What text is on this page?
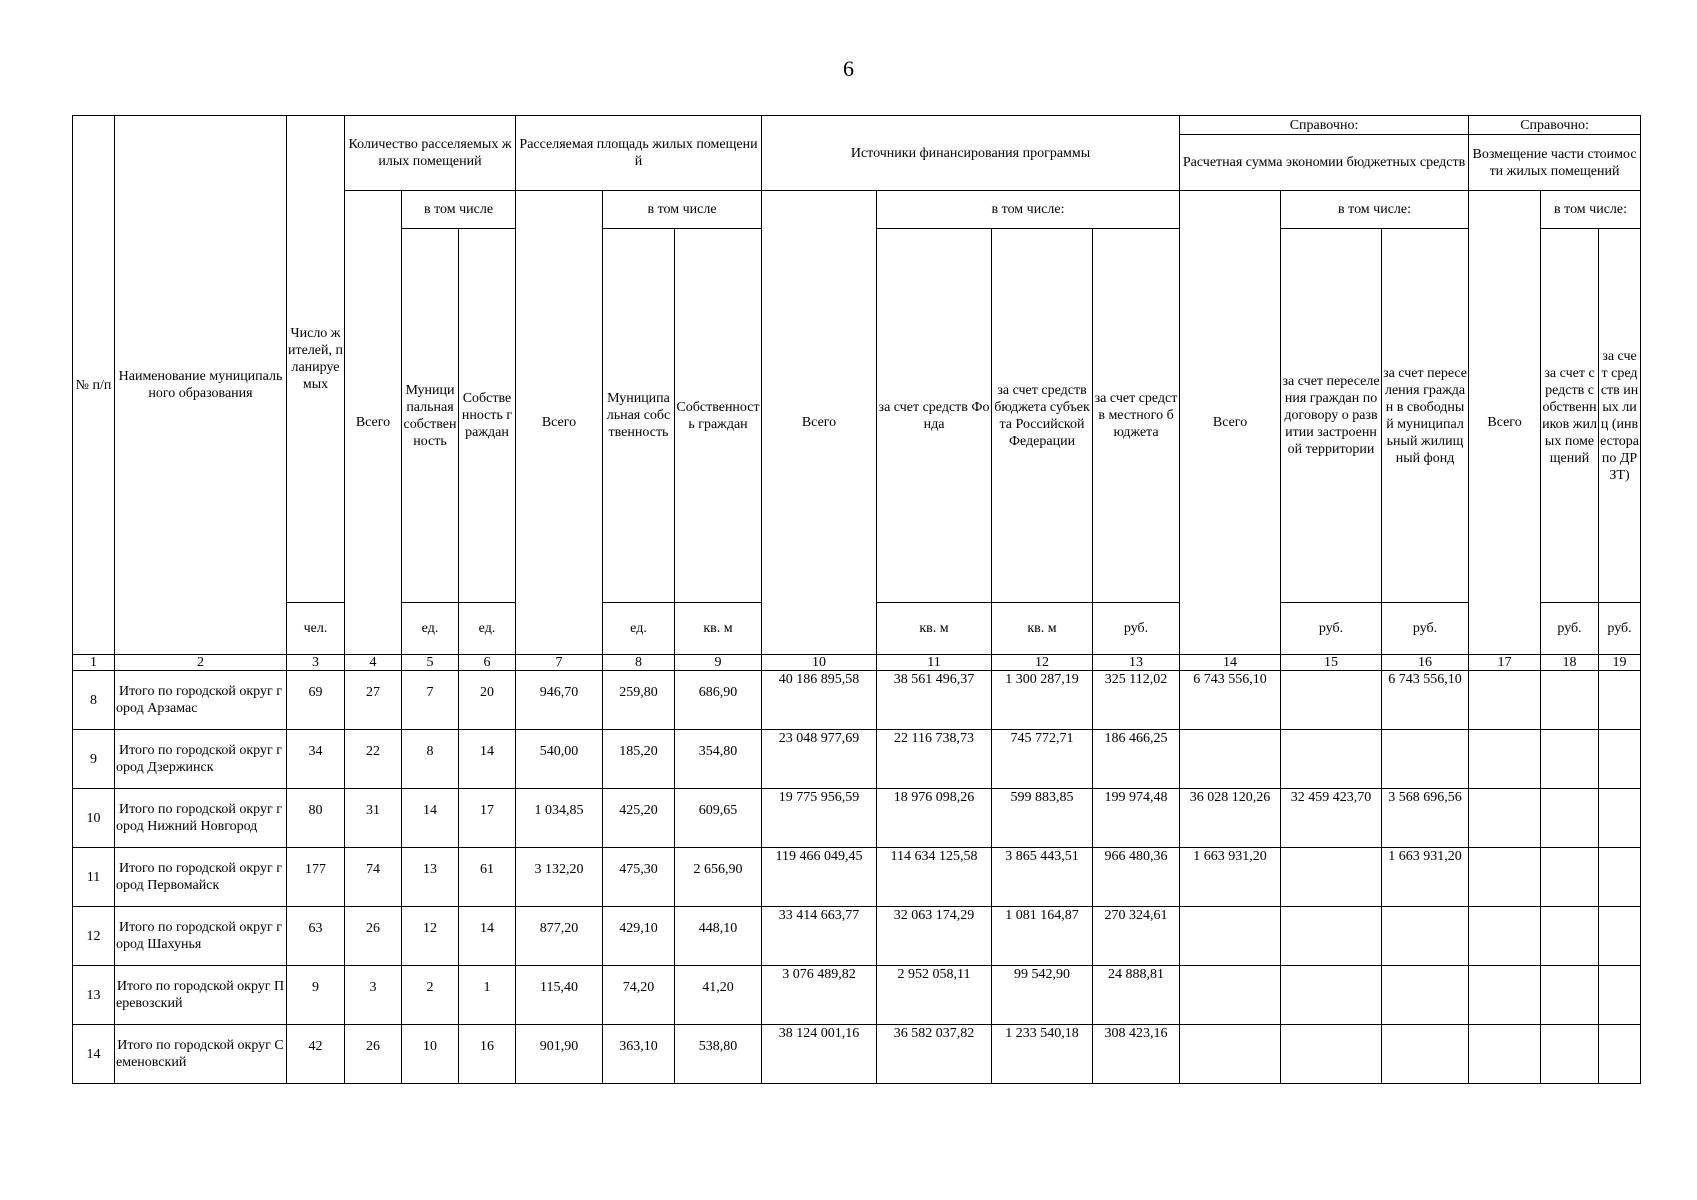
6
№ п/п	Наименование муниципального образования	Число жителей, планируемых	Количество расселяемых жилых помещений			Расселяемая площадь жилых помещений			Источники финансирования программы				Справочно:			Справочно:			
													Расчетная сумма экономии бюджетных средств			Возмещение части стоимости жилых помещений			
			Всего	в том числе		Всего	в том числе		Всего	в том числе:			Всего	в том числе:		Всего	в том числе:		
				Муниципальная собственность	Собственность граждан		Муниципальная собственность	Собственность граждан		за счет средств Фонда	за счет средств бюджета субъекта Российской Федерации	за счет средств местного бюджета		за счет переселения граждан по договору о развитии застроенной территории	за счет переселения граждан в свободный муниципальный жилищный фонд		за счет средств собственников жилых помещений	за счет средств иных лиц (инвестора по ДРЗТ)	
		чел.		ед.	ед.		ед.	кв. м		кв. м	кв. м	руб.		руб.	руб.		руб.	руб.					
1	2	3	4	5	6	7	8	9	10	11	12	13	14	15	16	17	18	19	
8	Итого по городской округ город Арзамас	69	27	7	20	946,70	259,80	686,90	40 186 895,58	38 561 496,37	1 300 287,19	325 112,02	6 743 556,10		6 743 556,10				
9	Итого по городской округ город Дзержинск	34	22	8	14	540,00	185,20	354,80	23 048 977,69	22 116 738,73	745 772,71	186 466,25							
10	Итого по городской округ город Нижний Новгород	80	31	14	17	1 034,85	425,20	609,65	19 775 956,59	18 976 098,26	599 883,85	199 974,48	36 028 120,26	32 459 423,70	3 568 696,56				
11	Итого по городской округ город Первомайск	177	74	13	61	3 132,20	475,30	2 656,90	119 466 049,45	114 634 125,58	3 865 443,51	966 480,36	1 663 931,20		1 663 931,20				
12	Итого по городской округ город Шахунья	63	26	12	14	877,20	429,10	448,10	33 414 663,77	32 063 174,29	1 081 164,87	270 324,61							
13	Итого по городской округ Перевозский	9	3	2	1	115,40	74,20	41,20	3 076 489,82	2 952 058,11	99 542,90	24 888,81							
14	Итого по городской округ Семеновский	42	26	10	16	901,90	363,10	538,80	38 124 001,16	36 582 037,82	1 233 540,18	308 423,16							
